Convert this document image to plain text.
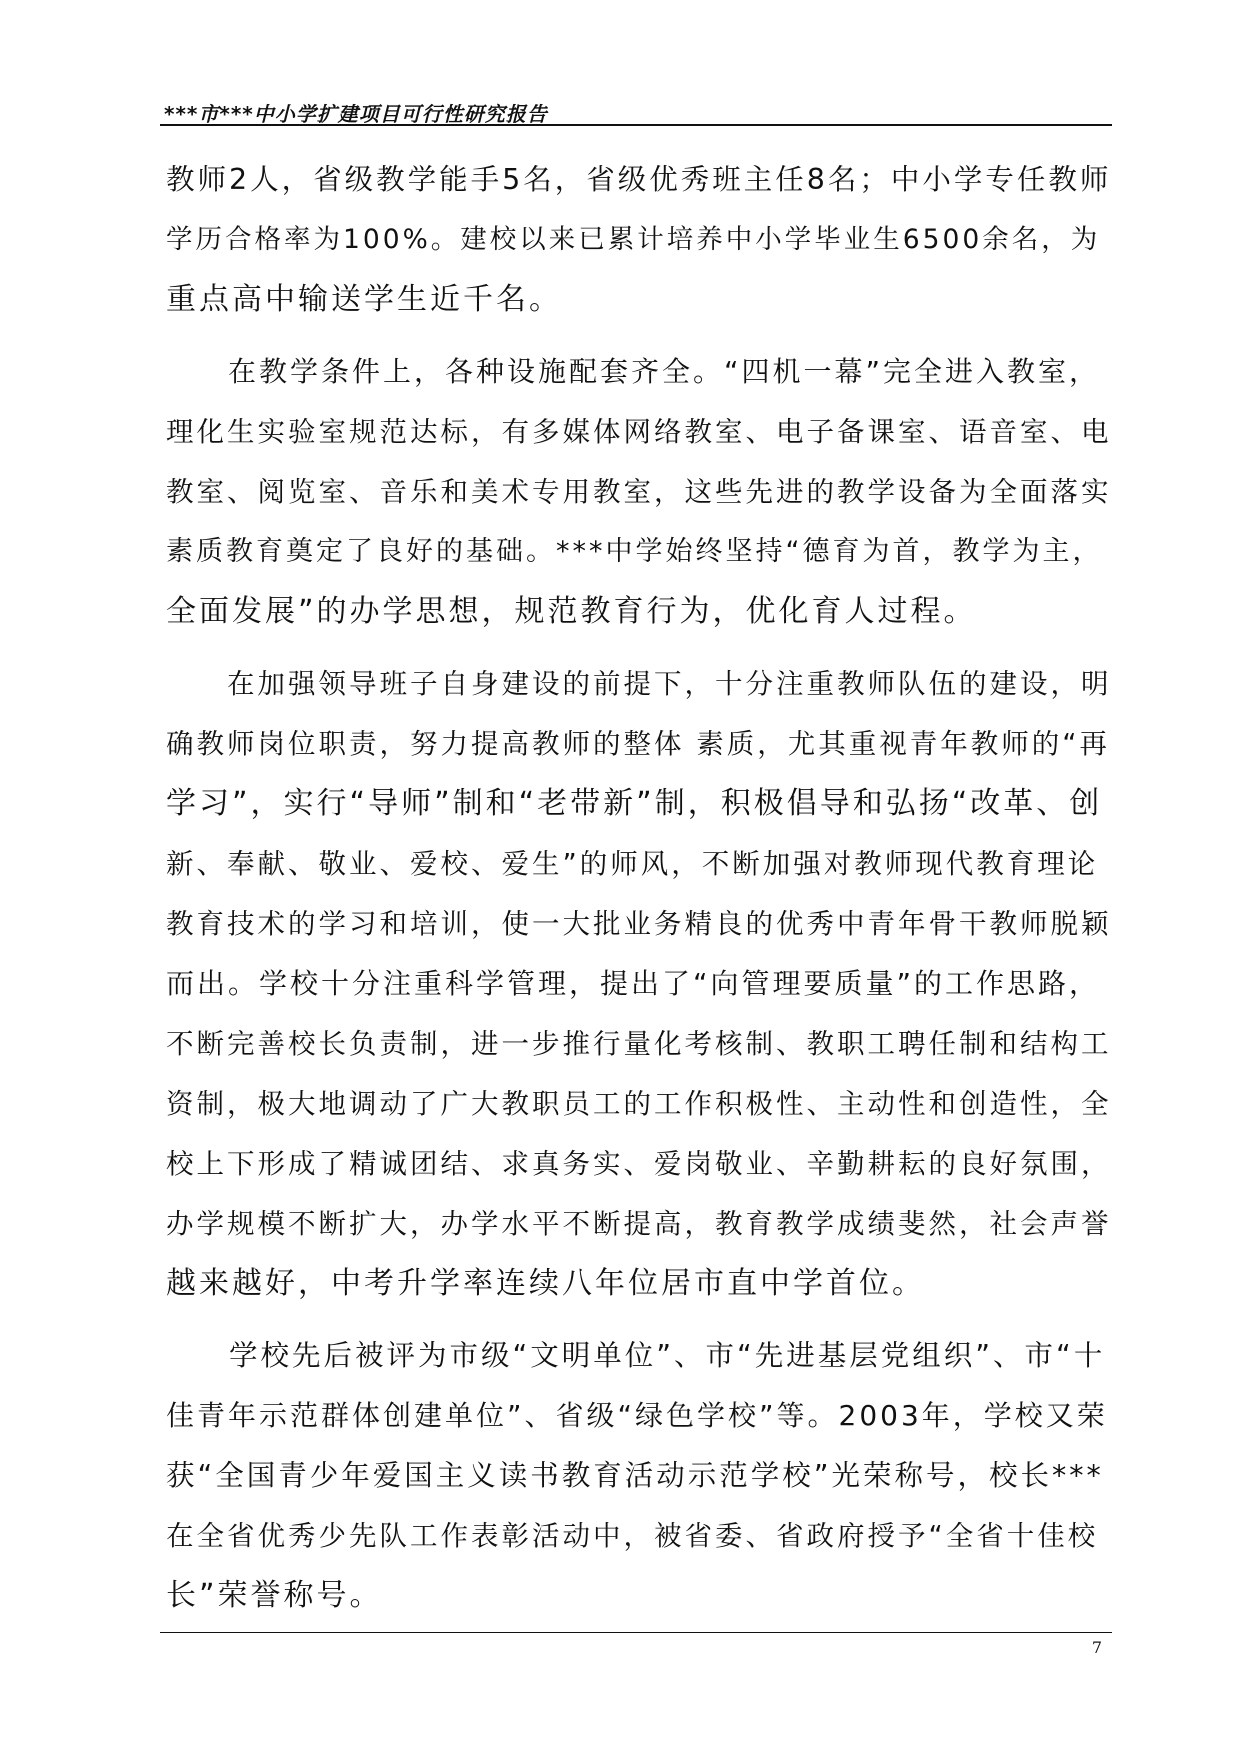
***市***中小学扩建项目可行性研究报告
教师2人，省级教学能手5名，省级优秀班主任8名；中小学专任教师
学历合格率为100%。建校以来已累计培养中小学毕业生6500余名，为
重点高中输送学生近千名。
　　在教学条件上，各种设施配套齐全。“四机一幕”完全进入教室，
理化生实验室规范达标，有多媒体网络教室、电子备课室、语音室、电
教室、阅览室、音乐和美术专用教室，这些先进的教学设备为全面落实
素质教育奠定了良好的基础。***中学始终坚持“德育为首，教学为主，
全面发展”的办学思想，规范教育行为，优化育人过程。
　　在加强领导班子自身建设的前提下，十分注重教师队伍的建设，明
确教师岗位职责，努力提高教师的整体 素质，尤其重视青年教师的“再
学习”，实行“导师”制和“老带新”制，积极倡导和弘扬“改革、创
新、奉献、敬业、爱校、爱生”的师风，不断加强对教师现代教育理论
教育技术的学习和培训，使一大批业务精良的优秀中青年骨干教师脱颖
而出。学校十分注重科学管理，提出了“向管理要质量”的工作思路，
不断完善校长负责制，进一步推行量化考核制、教职工聘任制和结构工
资制，极大地调动了广大教职员工的工作积极性、主动性和创造性，全
校上下形成了精诚团结、求真务实、爱岗敬业、辛勤耕耘的良好氛围，
办学规模不断扩大，办学水平不断提高，教育教学成绩斐然，社会声誉
越来越好，中考升学率连续八年位居市直中学首位。
　　学校先后被评为市级“文明单位”、市“先进基层党组织”、市“十
佳青年示范群体创建单位”、省级“绿色学校”等。2003年，学校又荣
获“全国青少年爱国主义读书教育活动示范学校”光荣称号，校长***
在全省优秀少先队工作表彰活动中，被省委、省政府授予“全省十佳校
长”荣誉称号。
7
